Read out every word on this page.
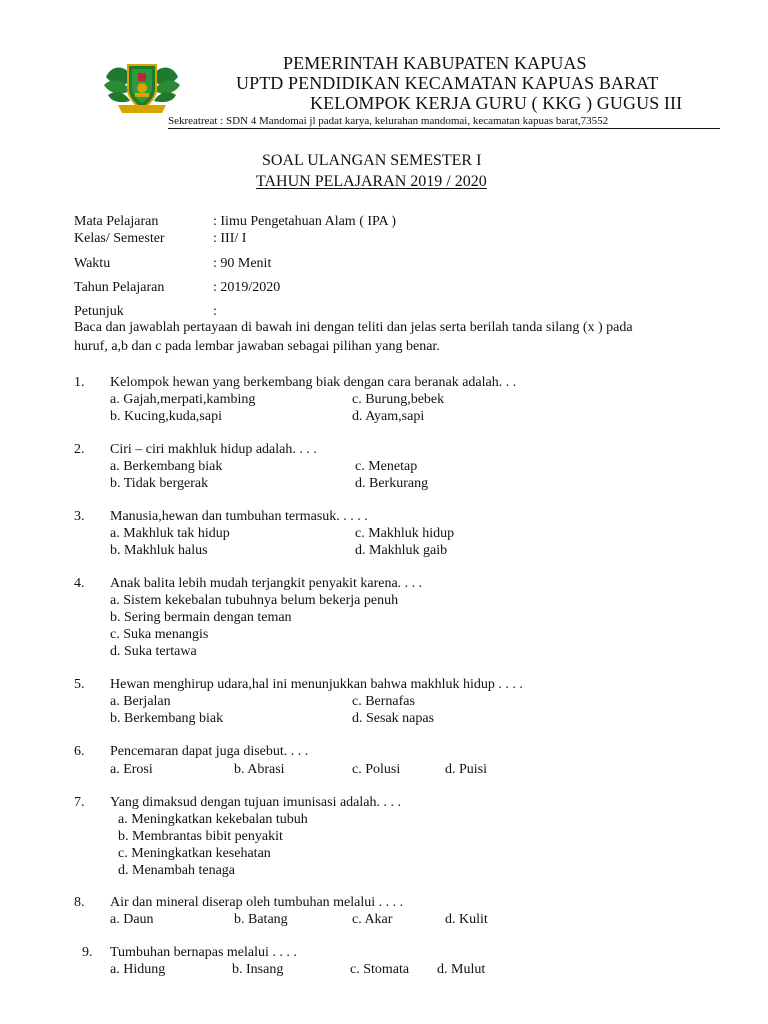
PEMERINTAH KABUPATEN KAPUAS
UPTD PENDIDIKAN KECAMATAN KAPUAS BARAT
KELOMPOK KERJA GURU ( KKG ) GUGUS III
Sekreatreat : SDN 4 Mandomai jl padat karya, kelurahan mandomai, kecamatan kapuas barat,73552
SOAL ULANGAN SEMESTER I
TAHUN PELAJARAN 2019 / 2020
Mata Pelajaran	: Iimu Pengetahuan Alam ( IPA )
Kelas/ Semester	: III/ I
Waktu	: 90 Menit
Tahun Pelajaran	: 2019/2020
Petunjuk	:
Baca dan jawablah pertayaan di bawah ini dengan teliti dan jelas serta berilah tanda silang (x ) pada
huruf, a,b dan c pada lembar jawaban sebagai pilihan yang benar.
1. Kelompok hewan yang berkembang biak dengan cara beranak adalah. . .
a. Gajah,merpati,kambing	c. Burung,bebek
b. Kucing,kuda,sapi	d. Ayam,sapi
2. Ciri – ciri makhluk hidup adalah. . . .
a. Berkembang biak	c. Menetap
b. Tidak bergerak	d. Berkurang
3. Manusia,hewan dan tumbuhan termasuk. . . . .
a. Makhluk tak hidup	c. Makhluk hidup
b. Makhluk halus	d. Makhluk gaib
4. Anak balita lebih mudah terjangkit penyakit karena. . . .
a. Sistem kekebalan tubuhnya belum bekerja penuh
b. Sering bermain dengan teman
c. Suka menangis
d. Suka tertawa
5. Hewan menghirup udara,hal ini menunjukkan bahwa makhluk hidup . . . .
a. Berjalan	c. Bernafas
b. Berkembang biak	d. Sesak napas
6. Pencemaran dapat juga disebut. . . .
a. Erosi	b. Abrasi	c. Polusi	d. Puisi
7. Yang dimaksud dengan tujuan imunisasi adalah. . . .
a. Meningkatkan kekebalan tubuh
b. Membrantas bibit penyakit
c. Meningkatkan kesehatan
d. Menambah tenaga
8. Air dan mineral diserap oleh tumbuhan melalui . . . .
a. Daun	b. Batang	c. Akar	d. Kulit
9. Tumbuhan bernapas melalui . . . .
a. Hidung	b. Insang	c. Stomata d. Mulut
